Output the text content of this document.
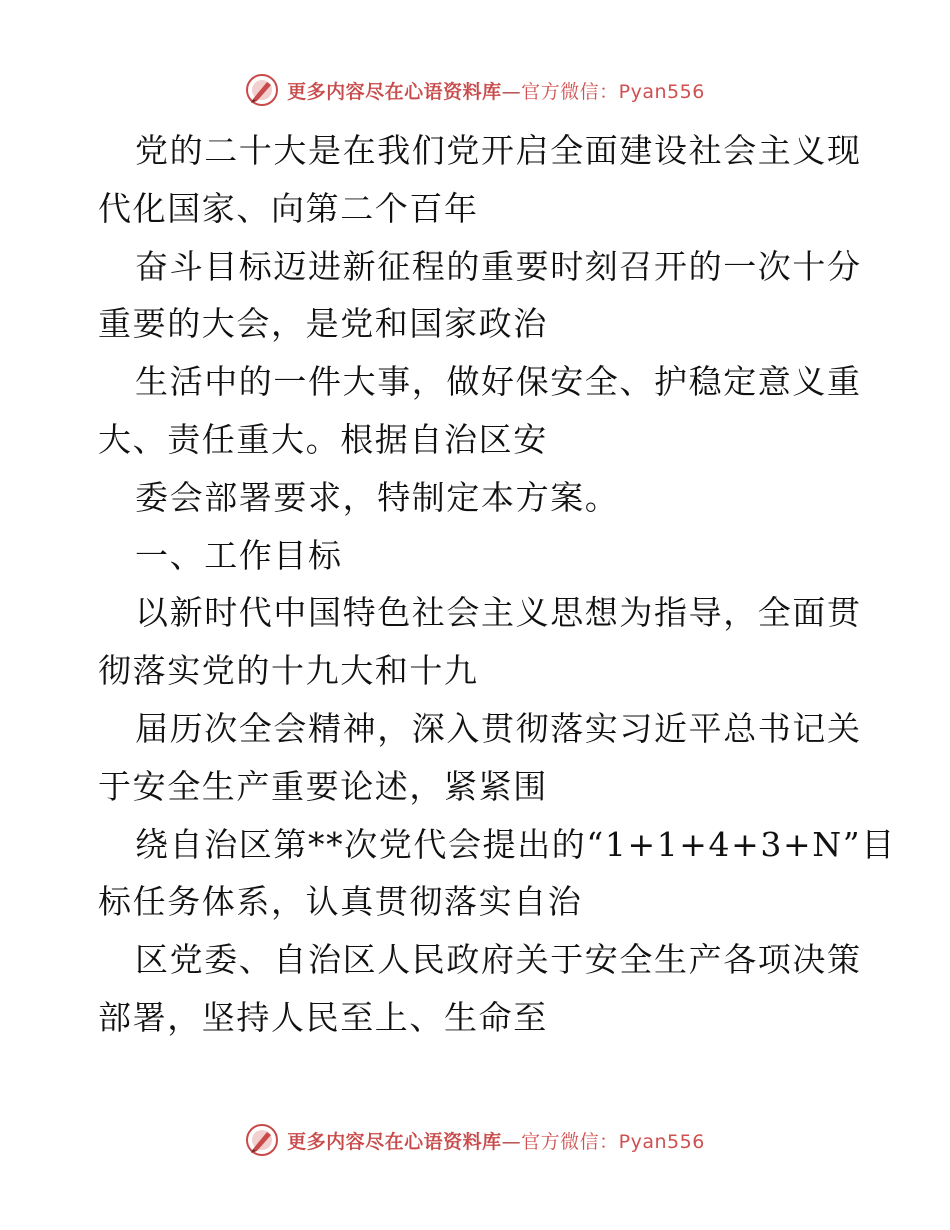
更多内容尽在心语资料库—官方微信：Pyan556
党的二十大是在我们党开启全面建设社会主义现
代化国家、向第二个百年
奋斗目标迈进新征程的重要时刻召开的一次十分
重要的大会，是党和国家政治
生活中的一件大事，做好保安全、护稳定意义重
大、责任重大。根据自治区安
委会部署要求，特制定本方案。
一、工作目标
以新时代中国特色社会主义思想为指导，全面贯
彻落实党的十九大和十九
届历次全会精神，深入贯彻落实习近平总书记关
于安全生产重要论述，紧紧围
绕自治区第**次党代会提出的“1+1+4+3+N”目
标任务体系，认真贯彻落实自治
区党委、自治区人民政府关于安全生产各项决策
部署，坚持人民至上、生命至
更多内容尽在心语资料库—官方微信：Pyan556
